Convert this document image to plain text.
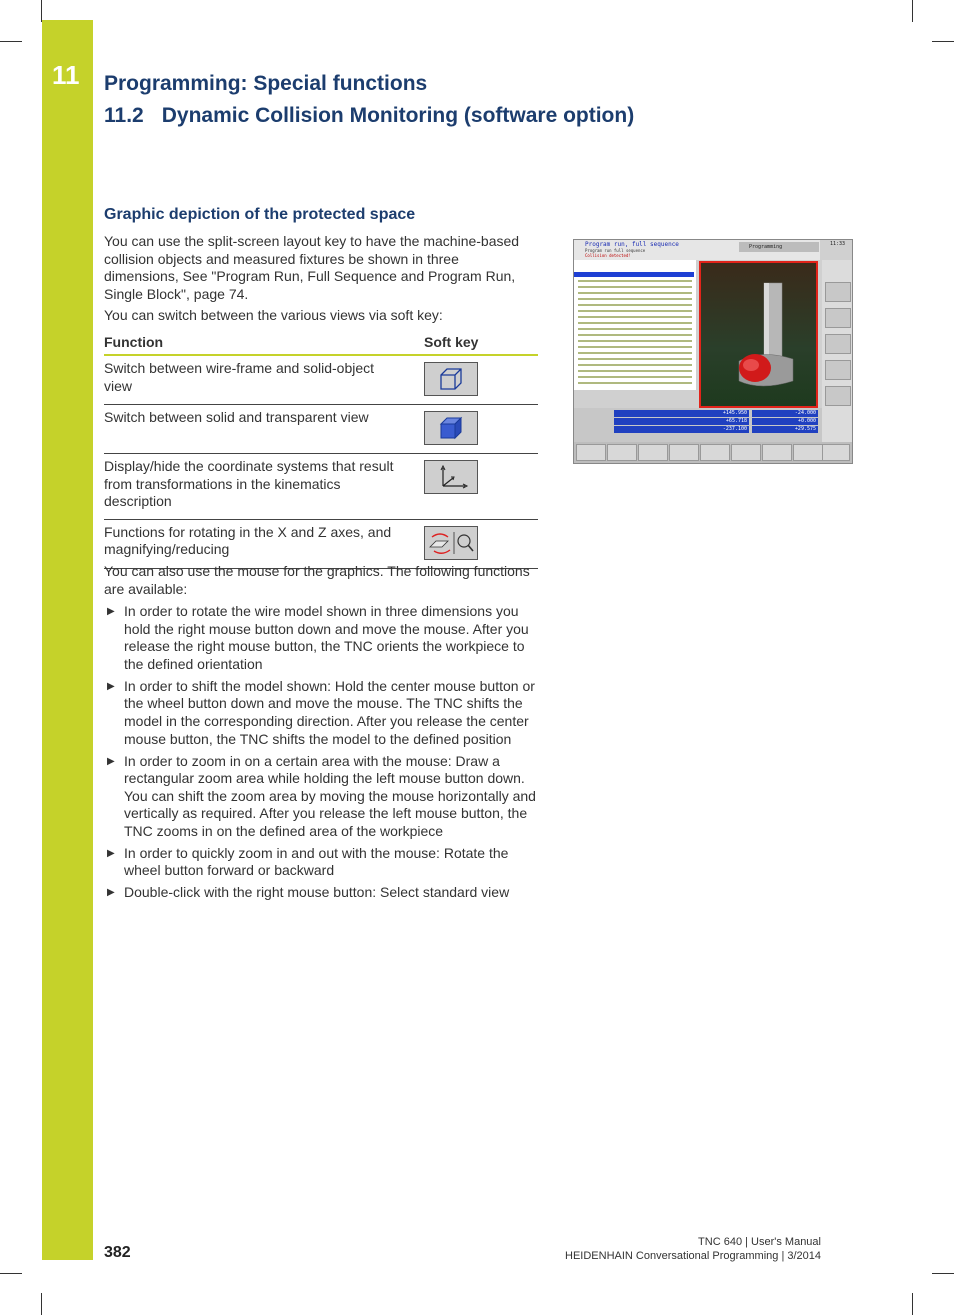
11 Programming: Special functions
11.2 Dynamic Collision Monitoring (software option)
Graphic depiction of the protected space
You can use the split-screen layout key to have the machine-based collision objects and measured fixtures be shown in three dimensions, See "Program Run, Full Sequence and Program Run, Single Block", page 74.
You can switch between the various views via soft key:
Function	Soft key
Switch between wire-frame and solid-object view	

Switch between solid and transparent view	

Display/hide the coordinate systems that result from transformations in the kinematics description	

Functions for rotating in the X and Z axes, and magnifying/reducing	
You can also use the mouse for the graphics. The following functions are available:
▶ In order to rotate the wire model shown in three dimensions you hold the right mouse button down and move the mouse. After you release the right mouse button, the TNC orients the workpiece to the defined orientation
▶ In order to shift the model shown: Hold the center mouse button or the wheel button down and move the mouse. The TNC shifts the model in the corresponding direction. After you release the center mouse button, the TNC shifts the model to the defined position
▶ In order to zoom in on a certain area with the mouse: Draw a rectangular zoom area while holding the left mouse button down. You can shift the zoom area by moving the mouse horizontally and vertically as required. After you release the left mouse button, the TNC zooms in on the defined area of the workpiece
▶ In order to quickly zoom in and out with the mouse: Rotate the wheel button forward or backward
▶ Double-click with the right mouse button: Select standard view
Program run, full sequence
Program run full sequence
Collision detected!
Programming	11:33
+145.950
+65.718
-237.100
-24.000
+0.000
+29.575
382
TNC 640 | User's Manual
HEIDENHAIN Conversational Programming | 3/2014
